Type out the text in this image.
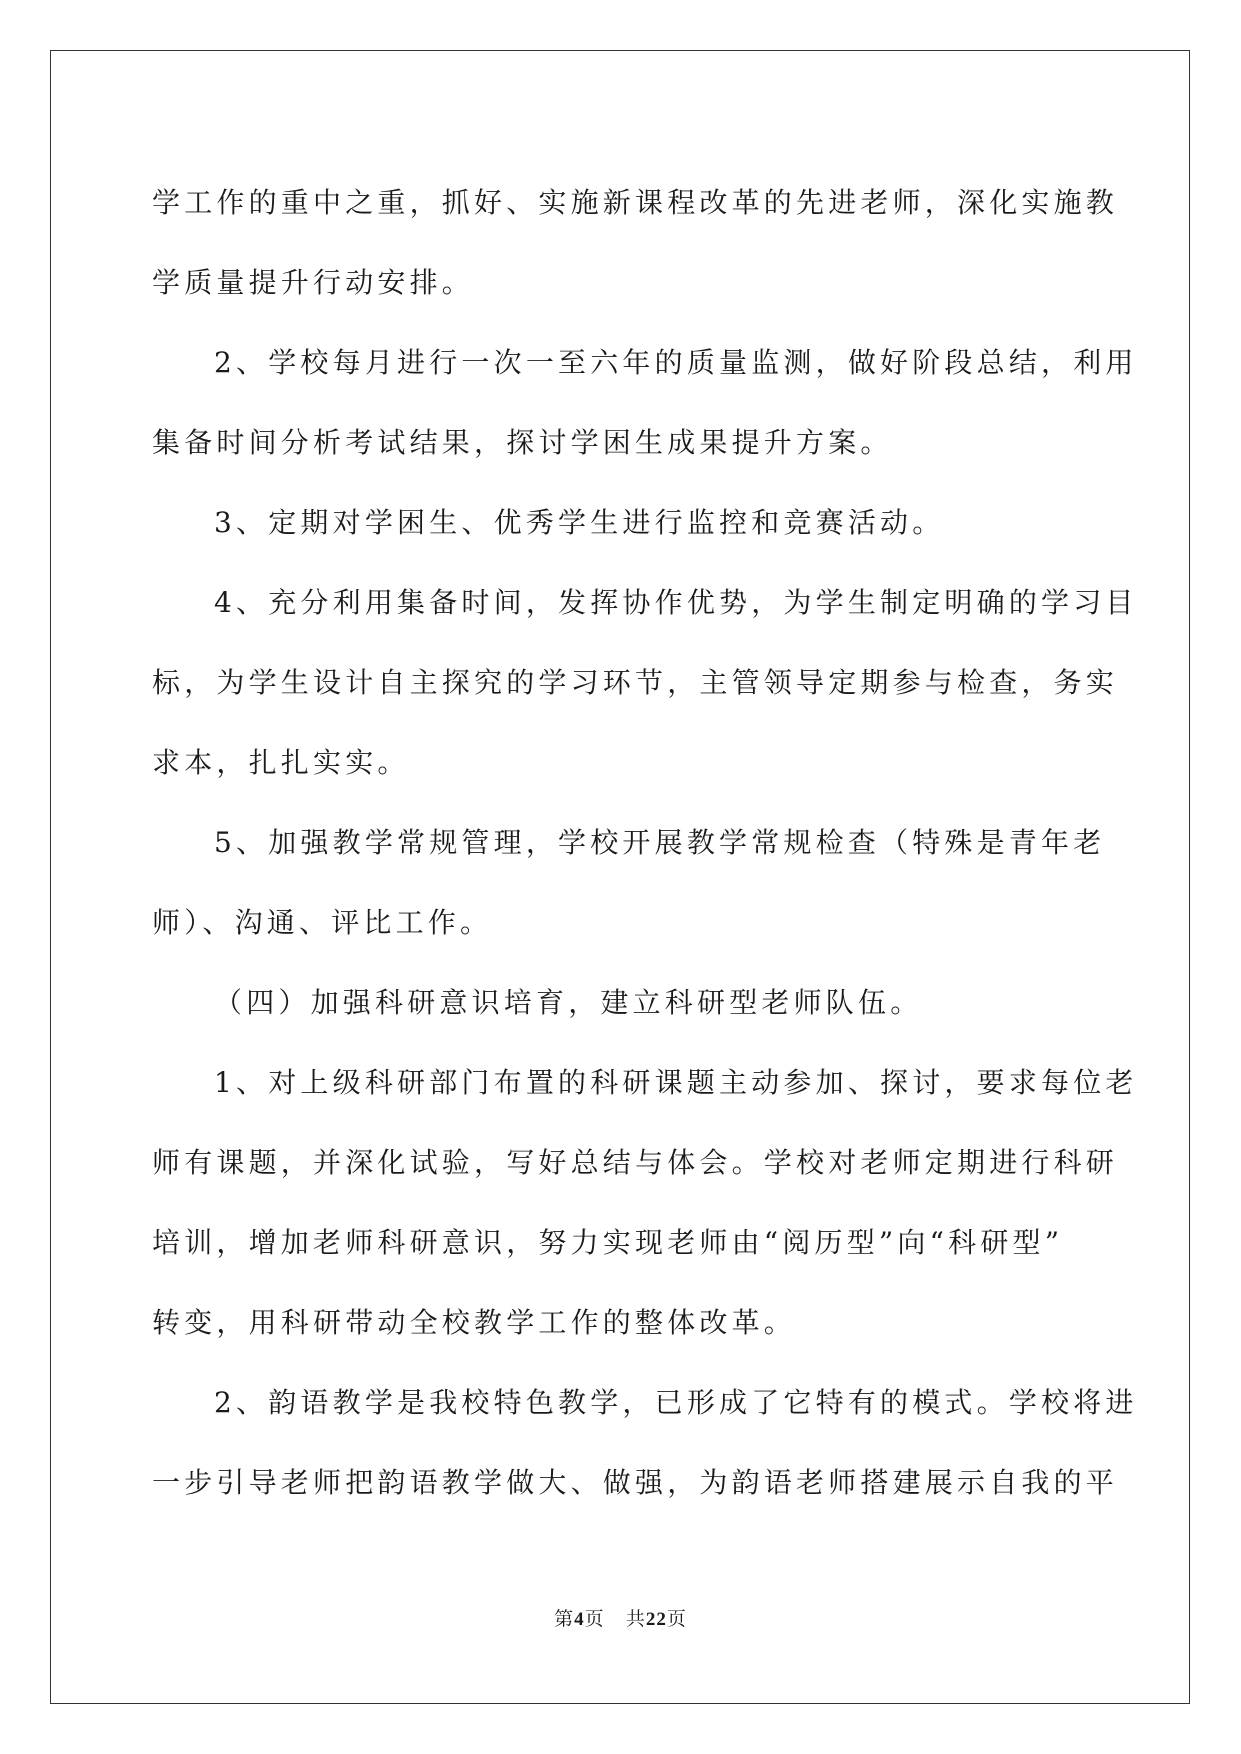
学工作的重中之重，抓好、实施新课程改革的先进老师，深化实施教
学质量提升行动安排。

2、学校每月进行一次一至六年的质量监测，做好阶段总结，利用
集备时间分析考试结果，探讨学困生成果提升方案。

3、定期对学困生、优秀学生进行监控和竞赛活动。

4、充分利用集备时间，发挥协作优势，为学生制定明确的学习目
标，为学生设计自主探究的学习环节，主管领导定期参与检查，务实
求本，扎扎实实。

5、加强教学常规管理，学校开展教学常规检查（特殊是青年老
师）、沟通、评比工作。

（四）加强科研意识培育，建立科研型老师队伍。

1、对上级科研部门布置的科研课题主动参加、探讨，要求每位老
师有课题，并深化试验，写好总结与体会。学校对老师定期进行科研
培训，增加老师科研意识，努力实现老师由“阅历型”向“科研型”
转变，用科研带动全校教学工作的整体改革。

2、韵语教学是我校特色教学，已形成了它特有的模式。学校将进
一步引导老师把韵语教学做大、做强，为韵语老师搭建展示自我的平

第4页 共22页
